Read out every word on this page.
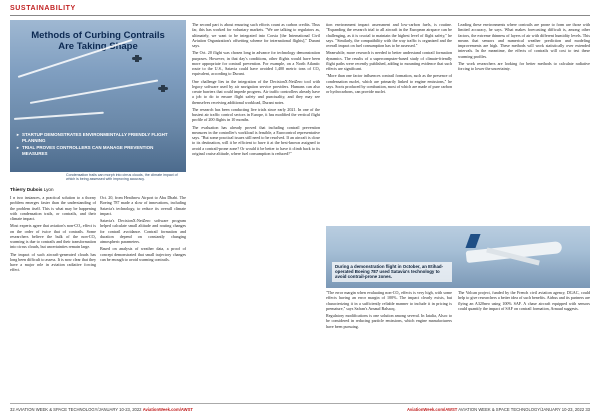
SUSTAINABILITY
Methods of Curbing Contrails
Are Taking Shape
► STARTUP DEMONSTRATES ENVIRONMENTALLY FRIENDLY FLIGHT PLANNING
► TRIAL PROVES CONTROLLERS CAN MANAGE PREVENTION MEASURES
Condensation trails can morph into cirrus clouds, the climate impact of which is being assessed with improving accuracy.
Thierry Dubois Lyon

I n two instances, a practical solution to a thorny problem emerges faster than the understanding of the problem itself. This is what may be happening with condensation trails, or contrails, and their climate impact.

Most experts agree that aviation's non-CO₂ effect is on the order of twice that of contrails. Some researchers believe the bulk of the non-CO₂ warming is due to contrails and their transformation into cirrus clouds, but uncertainties remain large.

The impact of such aircraft-generated clouds has long been difficult to assess. It is now clear that they have a major role in aviation radiative forcing effect.

Oct. 20, from Heathrow Airport to Abu Dhabi. The Boeing 787 made a slow of innovations, including Satavia's technology, to reduce its overall climate impact.

Satavia's DecisionX:NetZero software program helped calculate small altitude and routing changes for contrail avoidance. Contrail formation and duration depend on constantly changing atmospheric parameters.

Based on analysis of weather data, a proof of concept demonstrated that small trajectory changes can be enough to avoid warming contrails.

The second part is about ensuring such efforts count as carbon credits. Thus far, this has worked for voluntary markets. "We are talking to regulators as, ultimately, we want to be integrated into Corsia [the International Civil Aviation Organization's offsetting scheme for international flights]," Durant says.

The Oct. 20 flight was chosen long in advance for technology demonstration purposes. However, in that day's conditions, other flights would have been more appropriate for contrail prevention. For example, on a North Atlantic route to the U.S., Satavia could have avoided 1,400 metric tons of CO₂ equivalent, according to Durant.

One challenge lies in the integration of the DecisionX:NetZero tool with legacy software used by air navigation service providers. Humans can also create barriers that could impede progress. Air traffic controllers already have a job to do to ensure flight safety and punctuality, and they may see themselves receiving additional workload, Durant notes.

The research has been conducting live trials since early 2021. In one of the busiest air traffic control sectors in Europe, it has modified the vertical flight profile of 200 flights in 10 months.

The evaluation has already proved that including contrail prevention measures in the controller's workload is feasible, a Eurocontrol representative says. "But some practical issues still need to be resolved. If an aircraft is close to its destination, will it be efficient to have it at the best-known assigned to avoid a contrail-prone zone? Or would it be better to have it climb back to its original cruise altitude, where fuel consumption is reduced?"

tion environment impact assessment and low-carbon fuels, is routine. "Expanding the research trial to all aircraft in the European airspace can be challenging, as it is crucial to maintain the highest level of flight safety," he says. "Similarly, the compatibility with the way traffic is organized and the overall impact on fuel consumption has to be assessed."

Meanwhile, more research is needed to better understand contrail formation dynamics. The results of a supercomputer-based study of climate-friendly flight paths were recently published, adding to mounting evidence that such effects are significant.

"More than one factor influences contrail formation, such as the presence of condensation nuclei, which are primarily linked to engine emissions," he says. Soots produced by combustion, most of which are made of pure carbon or hydrocarbons, can provide nuclei.

Leading these environments where contrails are prone to form are those with limited accuracy, he says. What makes forecasting difficult is, among other factors, the extreme thinness of layers of air with different humidity levels. This means that sensors and numerical weather prediction and modeling improvements are high. These methods will work statistically over extended intervals. In the meantime, the effects of contrails will cost to test these warming profiles.

The work researchers are looking for better methods to calculate radiative forcing to lower the uncertainty.

During a demonstration flight in October, an Etihad-operated Boeing 787 used Satavia's technology to avoid contrail-prone zones.

"The error margin when evaluating non-CO₂ effects is very high, with some effects having an error margin of 100%. The impact clearly exists, but characterizing it in a sufficiently reliable manner to include it in pricing is premature," says Safran's Arnaud Balsacq.

Regulatory modifications is one solution among several. In Iatalia, Alsoc to be considered in reducing particle emissions, which engine manufacturers have been pursuing.

The Volcan project, funded by the French civil aviation agency, DGAC, could help to give researchers a better idea of such benefits. Airbus and its partners are flying an A320neo using 100% SAF. A chase aircraft equipped with sensors could quantify the impact of SAF on contrail formation, Arnaud suggests.

32 AVIATION WEEK & SPACE TECHNOLOGY/JANUARY 10-23, 2022 AviationWeek.com/AWST	AviationWeek.com/AWST AVIATION WEEK & SPACE TECHNOLOGY/JANUARY 10-23, 2022 33
